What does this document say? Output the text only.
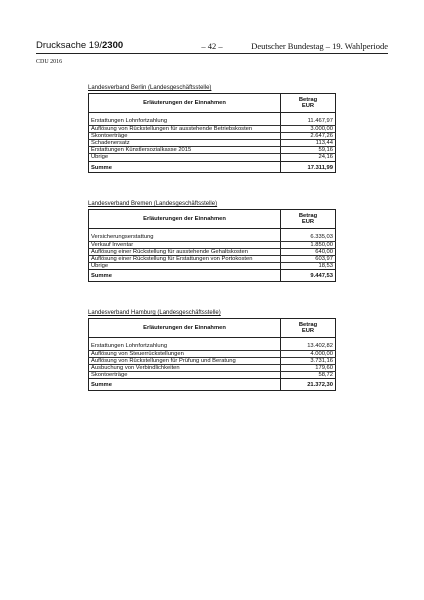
Drucksache 19/2300	– 42 –	Deutscher Bundestag – 19. Wahlperiode
CDU 2016
Landesverband Berlin (Landesgeschäftsstelle)
Erläuterungen der Einnahmen	Betrag
EUR

Erstattungen Lohnfortzahlung	11.467,97
Auflösung von Rückstellungen für ausstehende Betriebskosten	3.000,00
Skontoerträge	2.647,26
Schadenersatz	113,44
Erstattungen Künstlersozialkasse 2015	59,16
Übrige	24,16
Summe	17.311,99
Landesverband Bremen (Landesgeschäftsstelle)
Erläuterungen der Einnahmen	Betrag
EUR

Versicherungserstattung	6.335,03
Verkauf Inventar	1.850,00
Auflösung einer Rückstellung für ausstehende Gehaltskosten	640,00
Auflösung einer Rückstellung für Erstattungen von Portokosten	603,97
Übrige	18,53
Summe	9.447,53
Landesverband Hamburg (Landesgeschäftsstelle)
Erläuterungen der Einnahmen	Betrag
EUR

Erstattungen Lohnfortzahlung	13.402,82
Auflösung von Steuerrückstellungen	4.000,00
Auflösung von Rückstellungen für Prüfung und Beratung	3.731,16
Ausbuchung von Verbindlichkeiten	179,60
Skontoerträge	58,72
Summe	21.372,30
